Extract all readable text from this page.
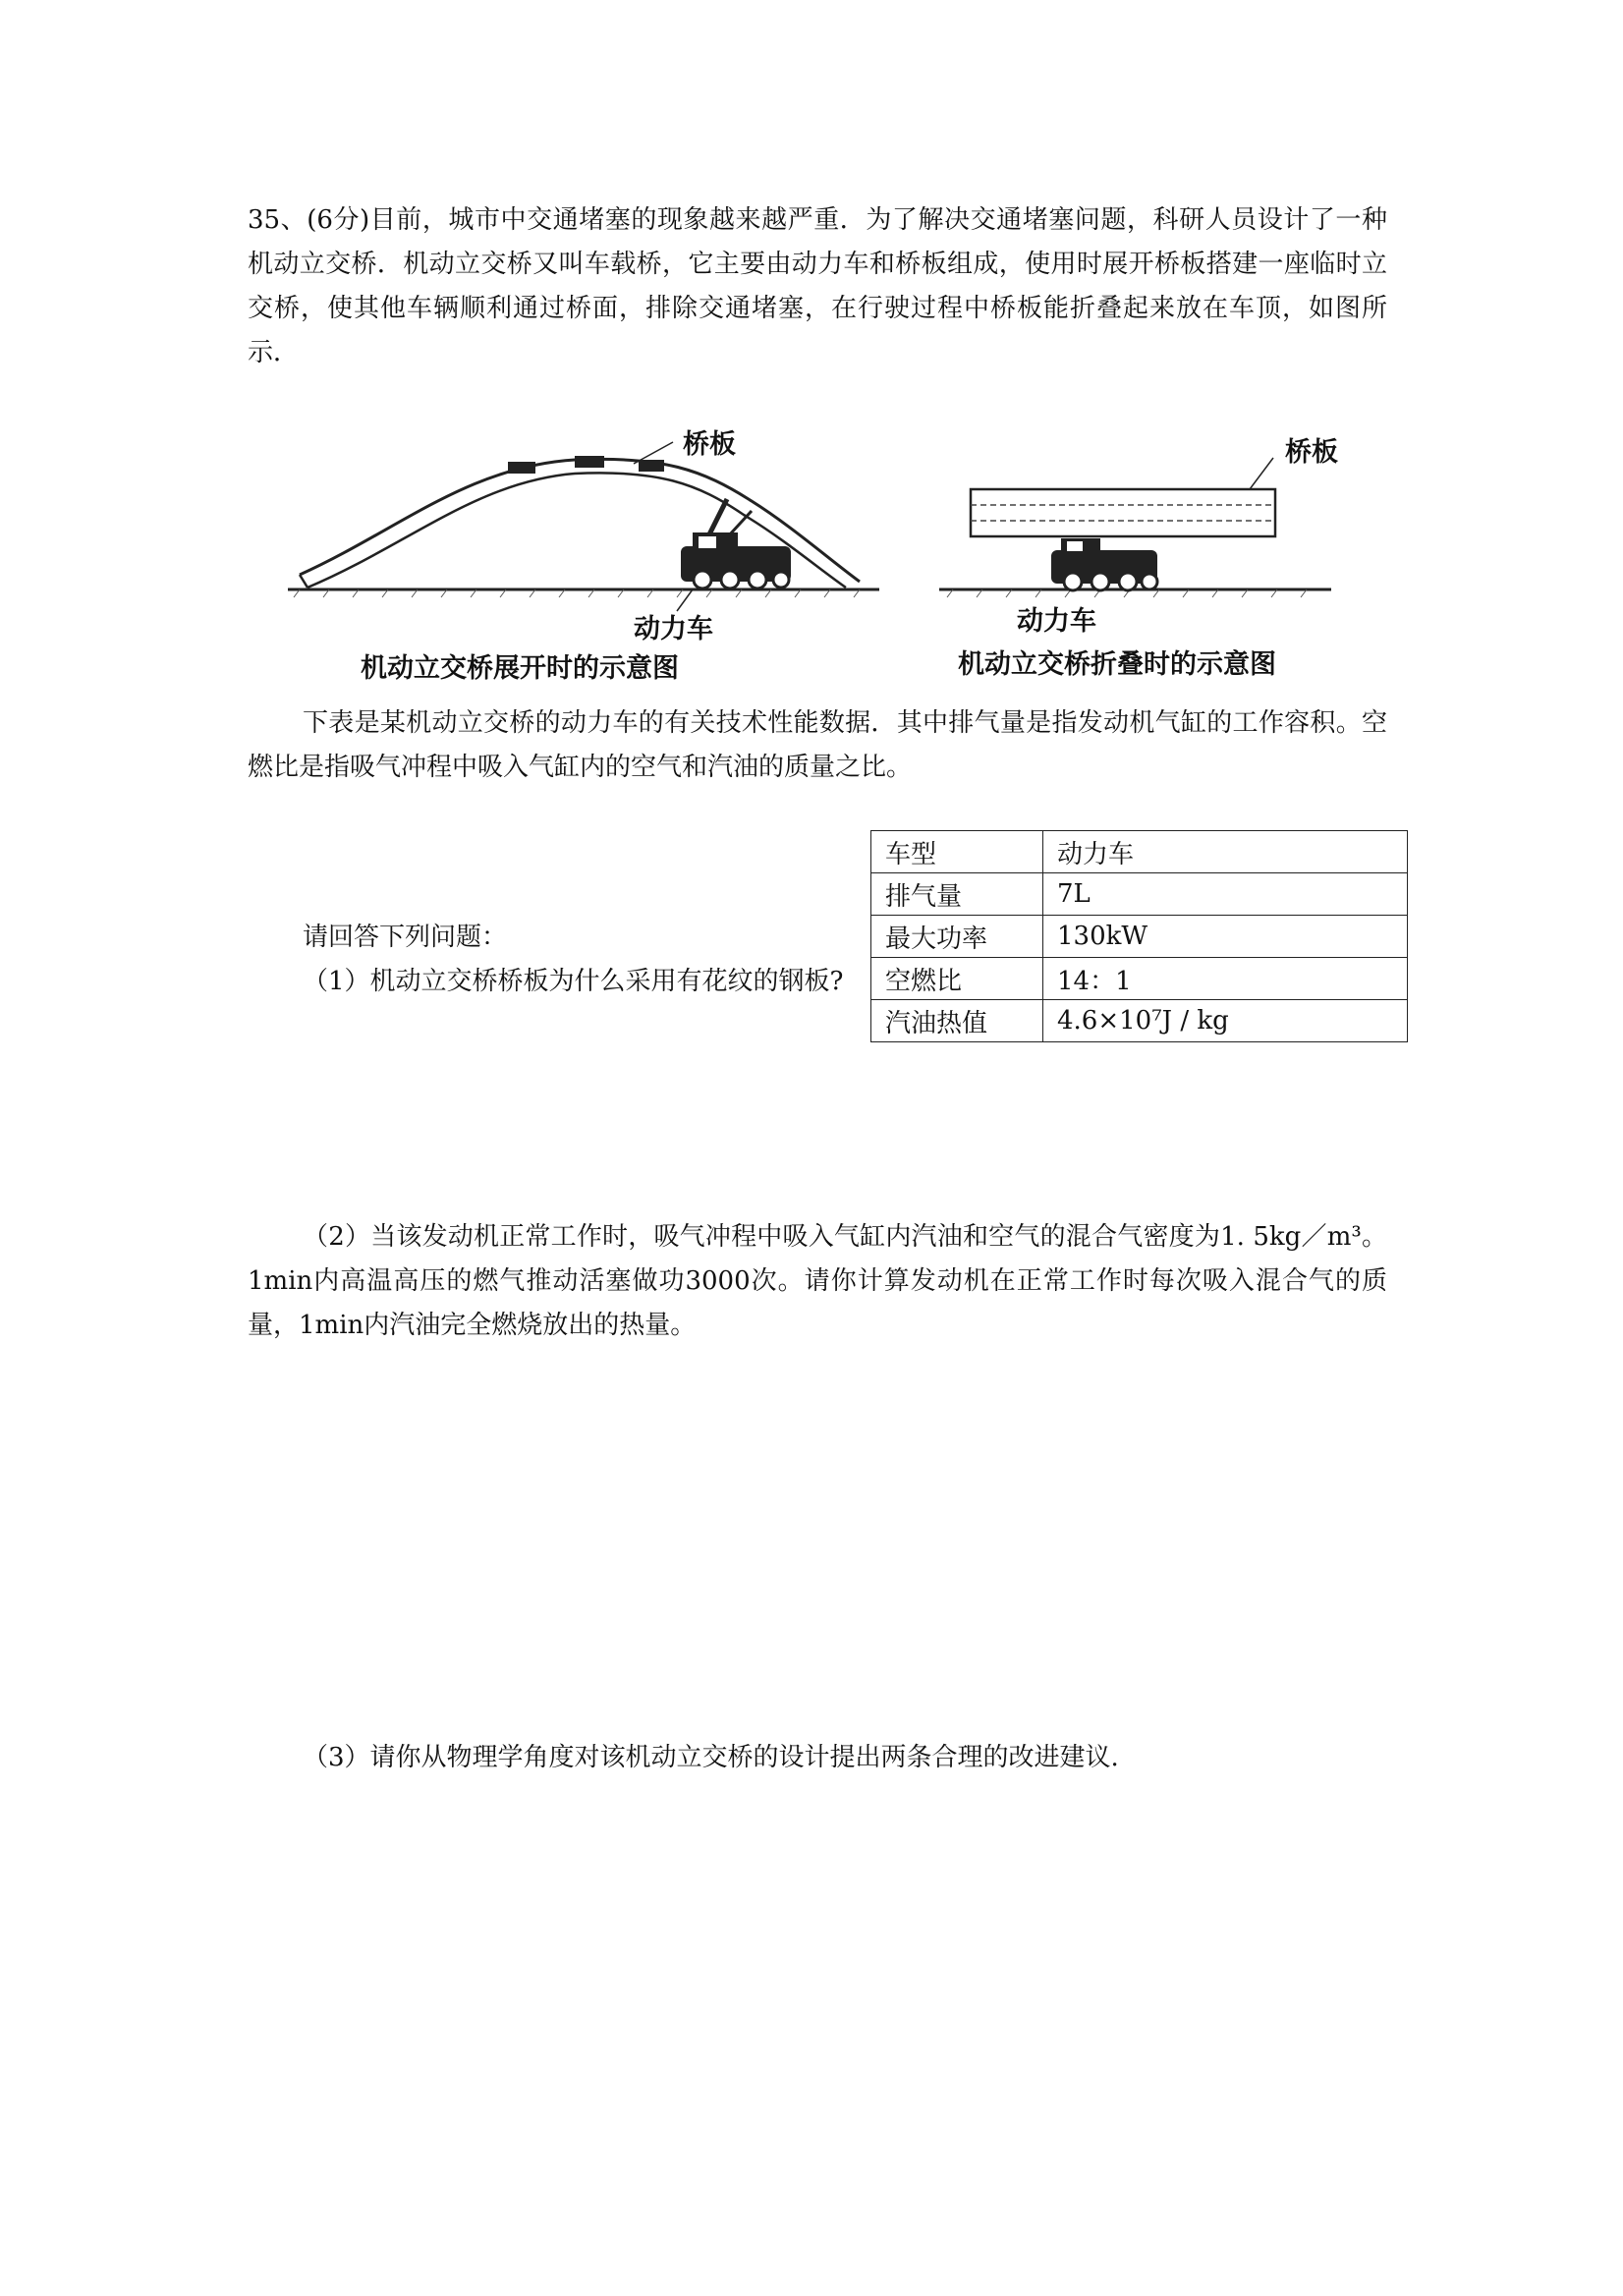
35、(6分)目前，城市中交通堵塞的现象越来越严重．为了解决交通堵塞问题，科研人员设计了一种机动立交桥．机动立交桥又叫车载桥，它主要由动力车和桥板组成，使用时展开桥板搭建一座临时立交桥，使其他车辆顺利通过桥面，排除交通堵塞，在行驶过程中桥板能折叠起来放在车顶，如图所示．

桥板
动力车
机动立交桥展开时的示意图
桥板
动力车
机动立交桥折叠时的示意图

下表是某机动立交桥的动力车的有关技术性能数据．其中排气量是指发动机气缸的工作容积。空燃比是指吸气冲程中吸入气缸内的空气和汽油的质量之比。

车型	动力车
排气量	7L
最大功率	130kW
空燃比	14：1
汽油热值	4.6×10⁷J / kg

请回答下列问题：

（1）机动立交桥桥板为什么采用有花纹的钢板?

（2）当该发动机正常工作时，吸气冲程中吸入气缸内汽油和空气的混合气密度为1. 5kg／m³。1min内高温高压的燃气推动活塞做功3000次。请你计算发动机在正常工作时每次吸入混合气的质量，1min内汽油完全燃烧放出的热量。

（3）请你从物理学角度对该机动立交桥的设计提出两条合理的改进建议.
